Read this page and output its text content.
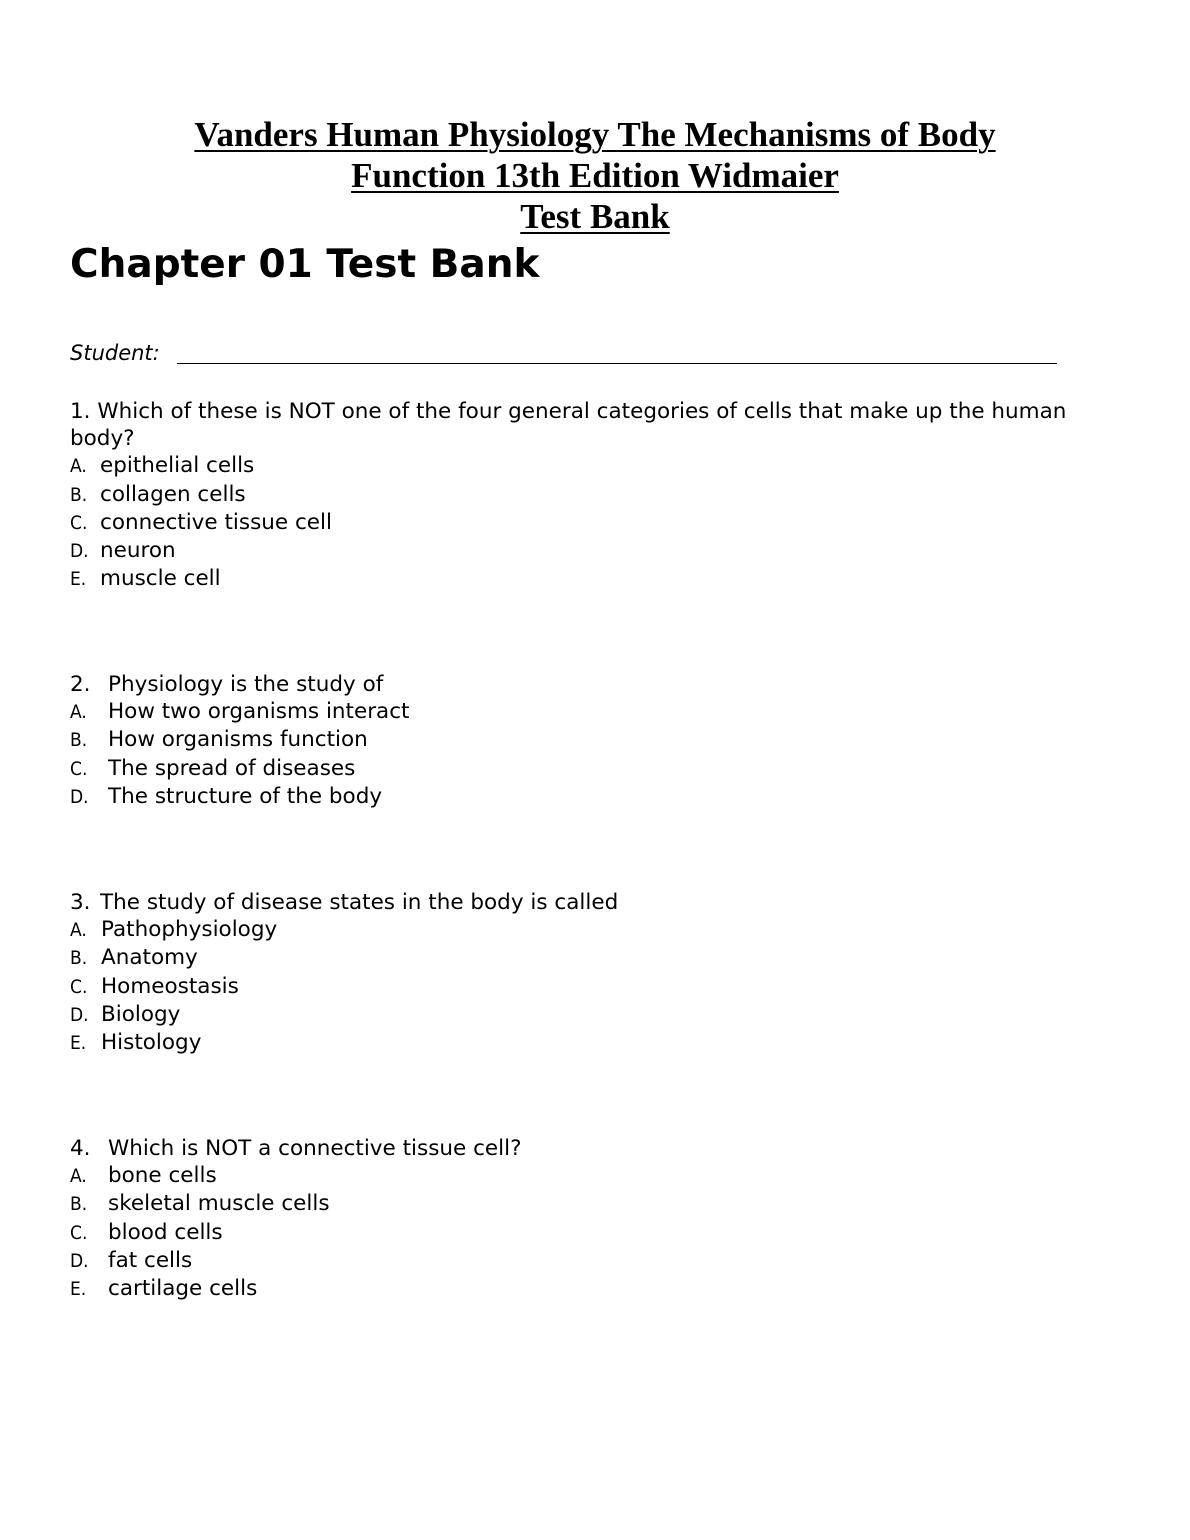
Vanders Human Physiology The Mechanisms of Body
Function 13th Edition Widmaier
Test Bank
Chapter 01 Test Bank
Student:
1. Which of these is NOT one of the four general categories of cells that make up the human body?
A. epithelial cells
B. collagen cells
C. connective tissue cell
D. neuron
E. muscle cell
2. Physiology is the study of
A. How two organisms interact
B. How organisms function
C. The spread of diseases
D. The structure of the body
3. The study of disease states in the body is called
A. Pathophysiology
B. Anatomy
C. Homeostasis
D. Biology
E. Histology
4. Which is NOT a connective tissue cell?
A. bone cells
B. skeletal muscle cells
C. blood cells
D. fat cells
E. cartilage cells
